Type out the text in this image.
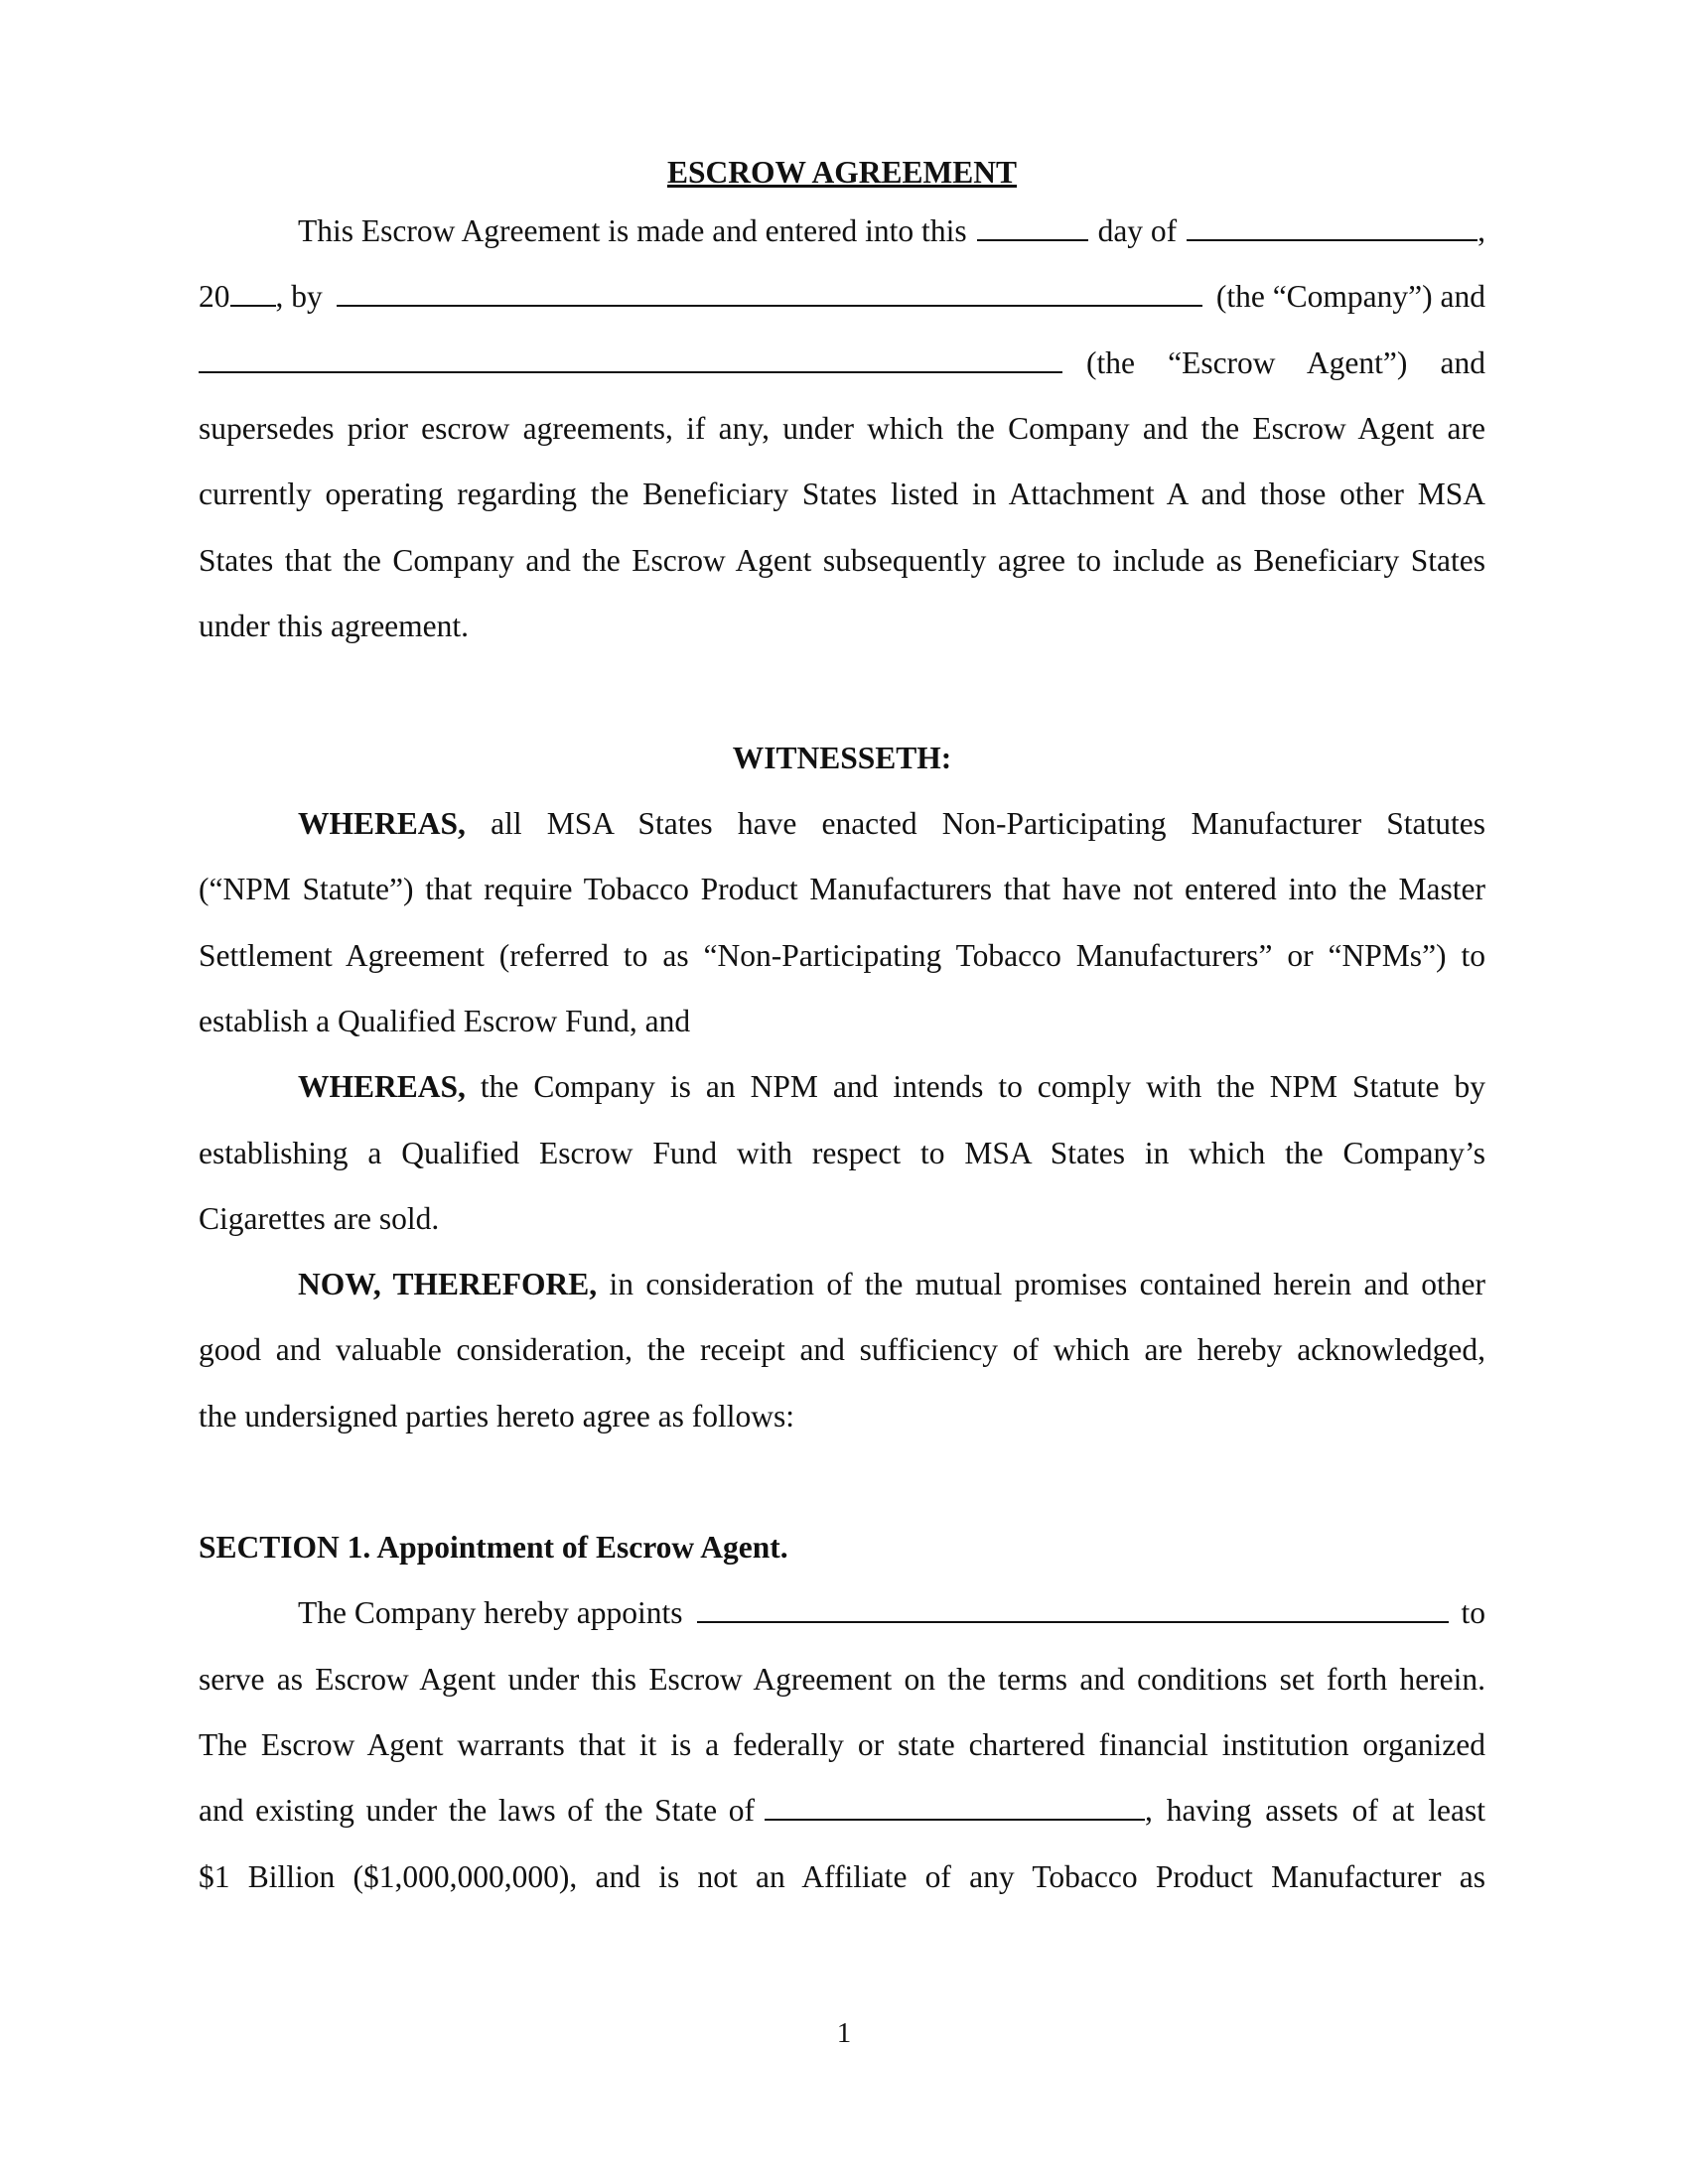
ESCROW AGREEMENT
This Escrow Agreement is made and entered into this	day of	,
20 , by	(the “Company”) and
(the “Escrow Agent”) and
supersedes prior escrow agreements, if any, under which the Company and the Escrow Agent are
currently operating regarding the Beneficiary States listed in Attachment A and those other MSA
States that the Company and the Escrow Agent subsequently agree to include as Beneficiary States
under this agreement.
WITNESSETH:
WHEREAS, all MSA States have enacted Non-Participating Manufacturer Statutes
(“NPM Statute”) that require Tobacco Product Manufacturers that have not entered into the Master
Settlement Agreement (referred to as “Non-Participating Tobacco Manufacturers” or “NPMs”) to
establish a Qualified Escrow Fund, and
WHEREAS, the Company is an NPM and intends to comply with the NPM Statute by
establishing a Qualified Escrow Fund with respect to MSA States in which the Company’s
Cigarettes are sold.
NOW, THEREFORE, in consideration of the mutual promises contained herein and other
good and valuable consideration, the receipt and sufficiency of which are hereby acknowledged,
the undersigned parties hereto agree as follows:
SECTION 1. Appointment of Escrow Agent.
The Company hereby appoints	to
serve as Escrow Agent under this Escrow Agreement on the terms and conditions set forth herein.
The Escrow Agent warrants that it is a federally or state chartered financial institution organized
and existing under the laws of the State of	, having assets of at least
$1 Billion ($1,000,000,000), and is not an Affiliate of any Tobacco Product Manufacturer as
1
